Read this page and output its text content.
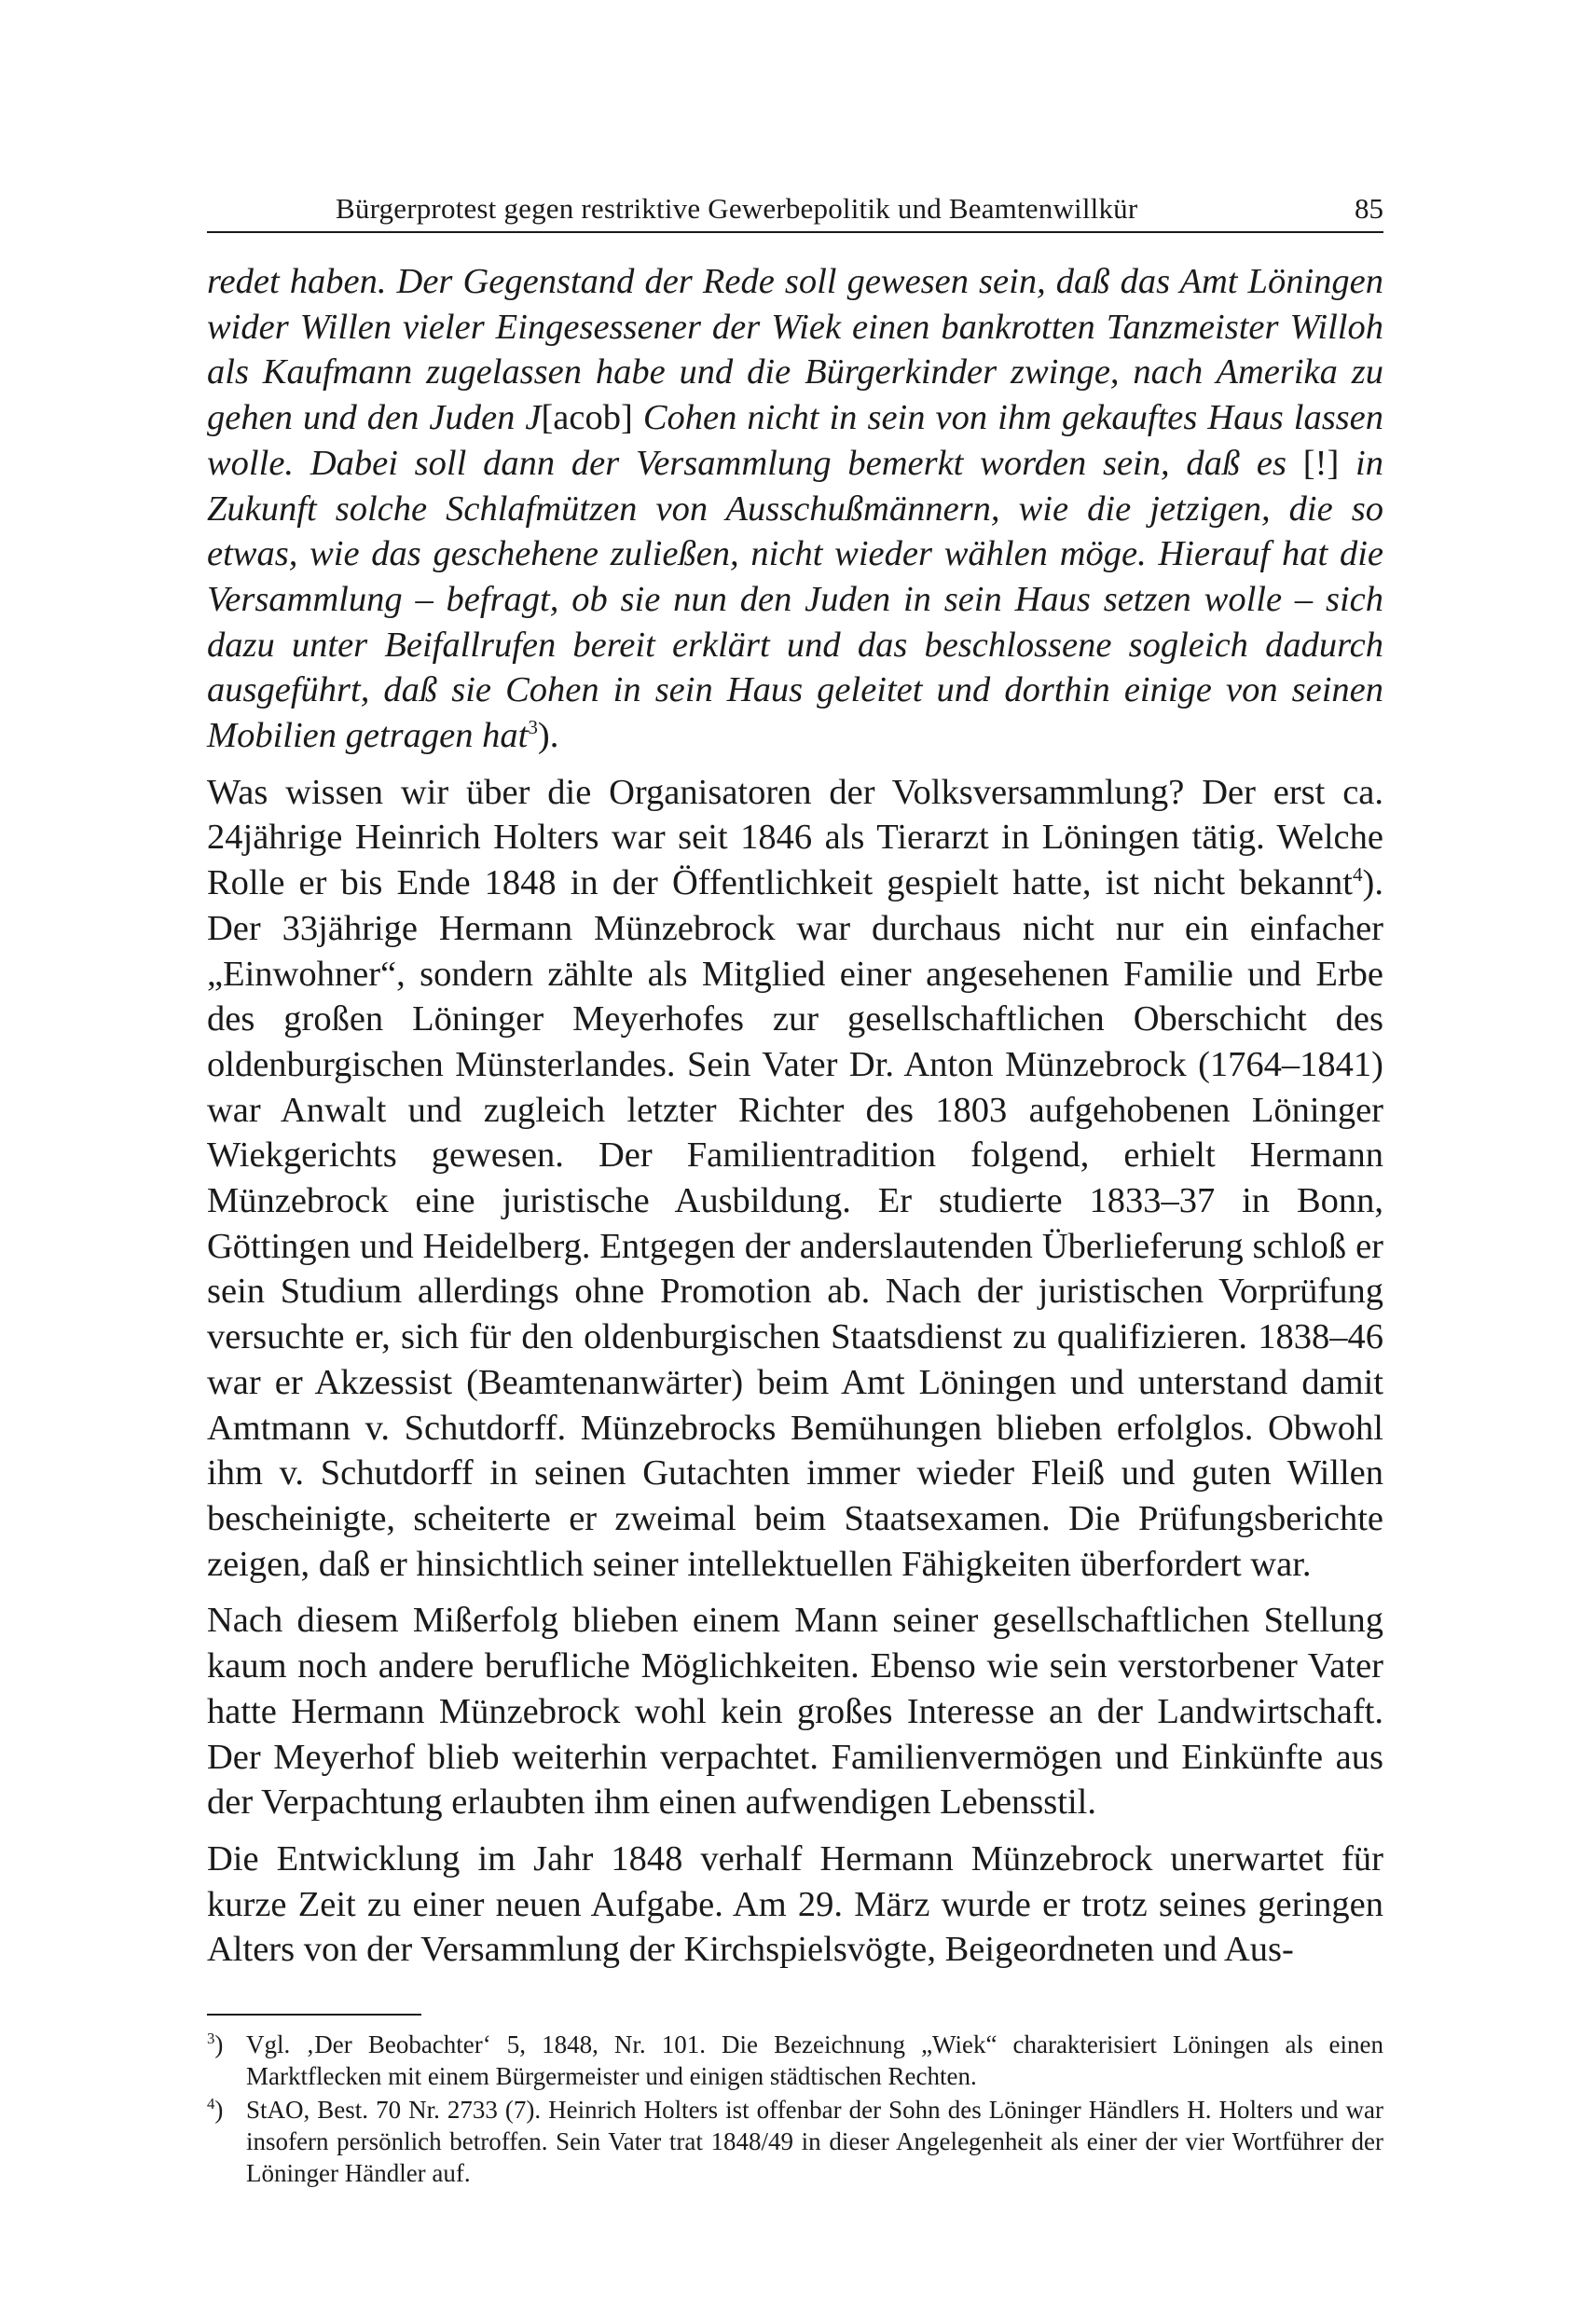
Bürgerprotest gegen restriktive Gewerbepolitik und Beamtenwillkür	85

redet haben. Der Gegenstand der Rede soll gewesen sein, daß das Amt Löningen wider Willen vieler Eingesessener der Wiek einen bankrotten Tanzmeister Willoh als Kaufmann zugelassen habe und die Bürgerkinder zwinge, nach Amerika zu gehen und den Juden J[acob] Cohen nicht in sein von ihm gekauftes Haus lassen wolle. Dabei soll dann der Versammlung bemerkt worden sein, daß es [!] in Zukunft solche Schlafmützen von Ausschußmännern, wie die jetzigen, die so etwas, wie das geschehene zuließen, nicht wieder wählen möge. Hierauf hat die Versammlung – befragt, ob sie nun den Juden in sein Haus setzen wolle – sich dazu unter Beifallrufen bereit erklärt und das beschlossene sogleich dadurch ausgeführt, daß sie Cohen in sein Haus geleitet und dorthin einige von seinen Mobilien getragen hat$^3$).

Was wissen wir über die Organisatoren der Volksversammlung? Der erst ca. 24jährige Heinrich Holters war seit 1846 als Tierarzt in Löningen tätig. Welche Rolle er bis Ende 1848 in der Öffentlichkeit gespielt hatte, ist nicht bekannt$^4$). Der 33jährige Hermann Münzebrock war durchaus nicht nur ein einfacher „Einwohner“, sondern zählte als Mitglied einer angesehenen Familie und Erbe des großen Löninger Meyerhofes zur gesellschaftlichen Oberschicht des oldenburgischen Münsterlandes. Sein Vater Dr. Anton Münzebrock (1764–1841) war Anwalt und zugleich letzter Richter des 1803 aufgehobenen Löninger Wiekgerichts gewesen. Der Familientradition folgend, erhielt Hermann Münzebrock eine juristische Ausbildung. Er studierte 1833–37 in Bonn, Göttingen und Heidelberg. Entgegen der anderslautenden Überlieferung schloß er sein Studium allerdings ohne Promotion ab. Nach der juristischen Vorprüfung versuchte er, sich für den oldenburgischen Staatsdienst zu qualifizieren. 1838–46 war er Akzessist (Beamtenanwärter) beim Amt Löningen und unterstand damit Amtmann v. Schutdorff. Münzebrocks Bemühungen blieben erfolglos. Obwohl ihm v. Schutdorff in seinen Gutachten immer wieder Fleiß und guten Willen bescheinigte, scheiterte er zweimal beim Staatsexamen. Die Prüfungsberichte zeigen, daß er hinsichtlich seiner intellektuellen Fähigkeiten überfordert war.

Nach diesem Mißerfolg blieben einem Mann seiner gesellschaftlichen Stellung kaum noch andere berufliche Möglichkeiten. Ebenso wie sein verstorbener Vater hatte Hermann Münzebrock wohl kein großes Interesse an der Landwirtschaft. Der Meyerhof blieb weiterhin verpachtet. Familienvermögen und Einkünfte aus der Verpachtung erlaubten ihm einen aufwendigen Lebensstil.

Die Entwicklung im Jahr 1848 verhalf Hermann Münzebrock unerwartet für kurze Zeit zu einer neuen Aufgabe. Am 29. März wurde er trotz seines geringen Alters von der Versammlung der Kirchspielsvögte, Beigeordneten und Aus-

$^3$) Vgl. ‚Der Beobachter‘ 5, 1848, Nr. 101. Die Bezeichnung „Wiek“ charakterisiert Löningen als einen Marktflecken mit einem Bürgermeister und einigen städtischen Rechten.
$^4$) StAO, Best. 70 Nr. 2733 (7). Heinrich Holters ist offenbar der Sohn des Löninger Händlers H. Holters und war insofern persönlich betroffen. Sein Vater trat 1848/49 in dieser Angelegenheit als einer der vier Wortführer der Löninger Händler auf.
